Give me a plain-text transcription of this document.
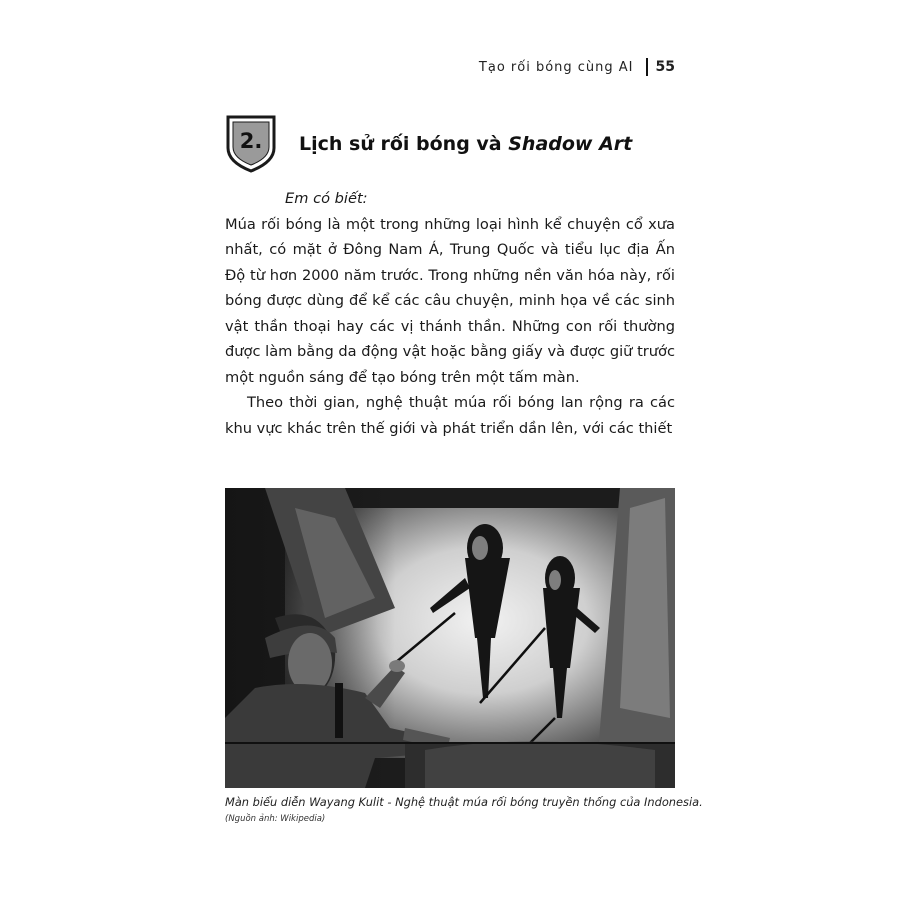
Tạo rối bóng cùng AI 55
2.	Lịch sử rối bóng và Shadow Art

Em có biết:

Múa rối bóng là một trong những loại hình kể chuyện cổ xưa nhất, có mặt ở Đông Nam Á, Trung Quốc và tiểu lục địa Ấn Độ từ hơn 2000 năm trước. Trong những nền văn hóa này, rối bóng được dùng để kể các câu chuyện, minh họa về các sinh vật thần thoại hay các vị thánh thần. Những con rối thường được làm bằng da động vật hoặc bằng giấy và được giữ trước một nguồn sáng để tạo bóng trên một tấm màn.

Theo thời gian, nghệ thuật múa rối bóng lan rộng ra các khu vực khác trên thế giới và phát triển dần lên, với các thiết

Màn biểu diễn Wayang Kulit - Nghệ thuật múa rối bóng truyền thống của Indonesia.
(Nguồn ảnh: Wikipedia)
